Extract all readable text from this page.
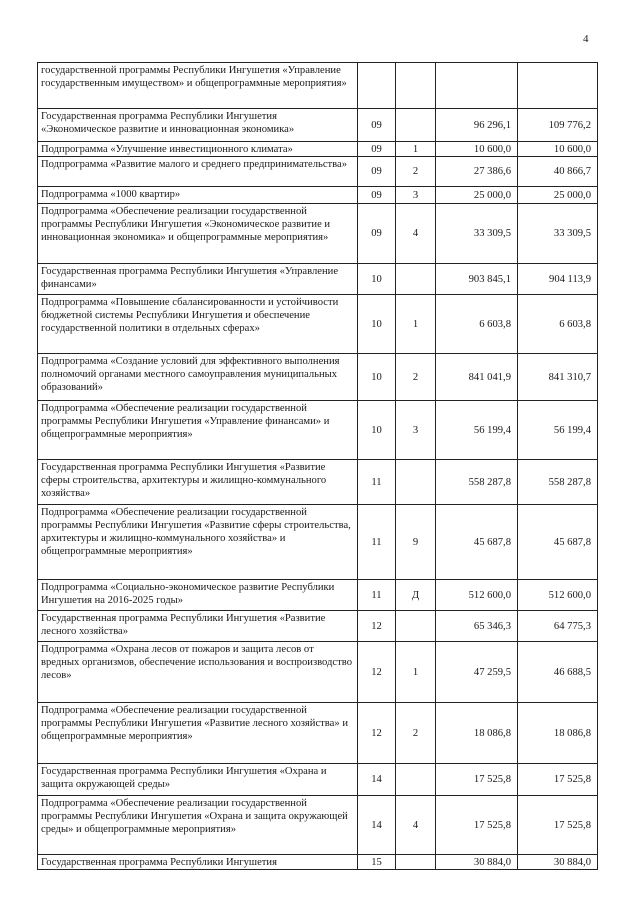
4
государственной программы Республики Ингушетия «Управление государственным имуществом» и общепрограммные мероприятия»				
Государственная программа Республики Ингушетия «Экономическое развитие и инновационная экономика»	09		96 296,1	109 776,2
Подпрограмма «Улучшение инвестиционного климата»	09	1	10 600,0	10 600,0
Подпрограмма «Развитие малого и среднего предпринимательства»	09	2	27 386,6	40 866,7
Подпрограмма «1000 квартир»	09	3	25 000,0	25 000,0
Подпрограмма «Обеспечение реализации государственной программы Республики Ингушетия «Экономическое развитие и инновационная экономика» и общепрограммные мероприятия»	09	4	33 309,5	33 309,5
Государственная программа Республики Ингушетия «Управление финансами»	10		903 845,1	904 113,9
Подпрограмма «Повышение сбалансированности и устойчивости бюджетной системы Республики Ингушетия и обеспечение государственной политики в отдельных сферах»	10	1	6 603,8	6 603,8
Подпрограмма «Создание условий для эффективного выполнения полномочий органами местного самоуправления муниципальных образований»	10	2	841 041,9	841 310,7
Подпрограмма «Обеспечение реализации государственной программы Республики Ингушетия «Управление финансами» и общепрограммные мероприятия»	10	3	56 199,4	56 199,4
Государственная программа Республики Ингушетия «Развитие сферы строительства, архитектуры и жилищно-коммунального хозяйства»	11		558 287,8	558 287,8
Подпрограмма «Обеспечение реализации государственной программы Республики Ингушетия «Развитие сферы строительства, архитектуры и жилищно-коммунального хозяйства» и общепрограммные мероприятия»	11	9	45 687,8	45 687,8
Подпрограмма «Социально-экономическое развитие Республики Ингушетия на 2016-2025 годы»	11	Д	512 600,0	512 600,0
Государственная программа Республики Ингушетия «Развитие лесного хозяйства»	12		65 346,3	64 775,3
Подпрограмма «Охрана лесов от пожаров и защита лесов от вредных организмов, обеспечение использования и воспроизводство лесов»	12	1	47 259,5	46 688,5
Подпрограмма «Обеспечение реализации государственной программы Республики Ингушетия «Развитие лесного хозяйства» и общепрограммные мероприятия»	12	2	18 086,8	18 086,8
Государственная программа Республики Ингушетия «Охрана и защита окружающей среды»	14		17 525,8	17 525,8
Подпрограмма «Обеспечение реализации государственной программы Республики Ингушетия «Охрана и защита окружающей среды» и общепрограммные мероприятия»	14	4	17 525,8	17 525,8
Государственная программа Республики Ингушетия	15		30 884,0	30 884,0
